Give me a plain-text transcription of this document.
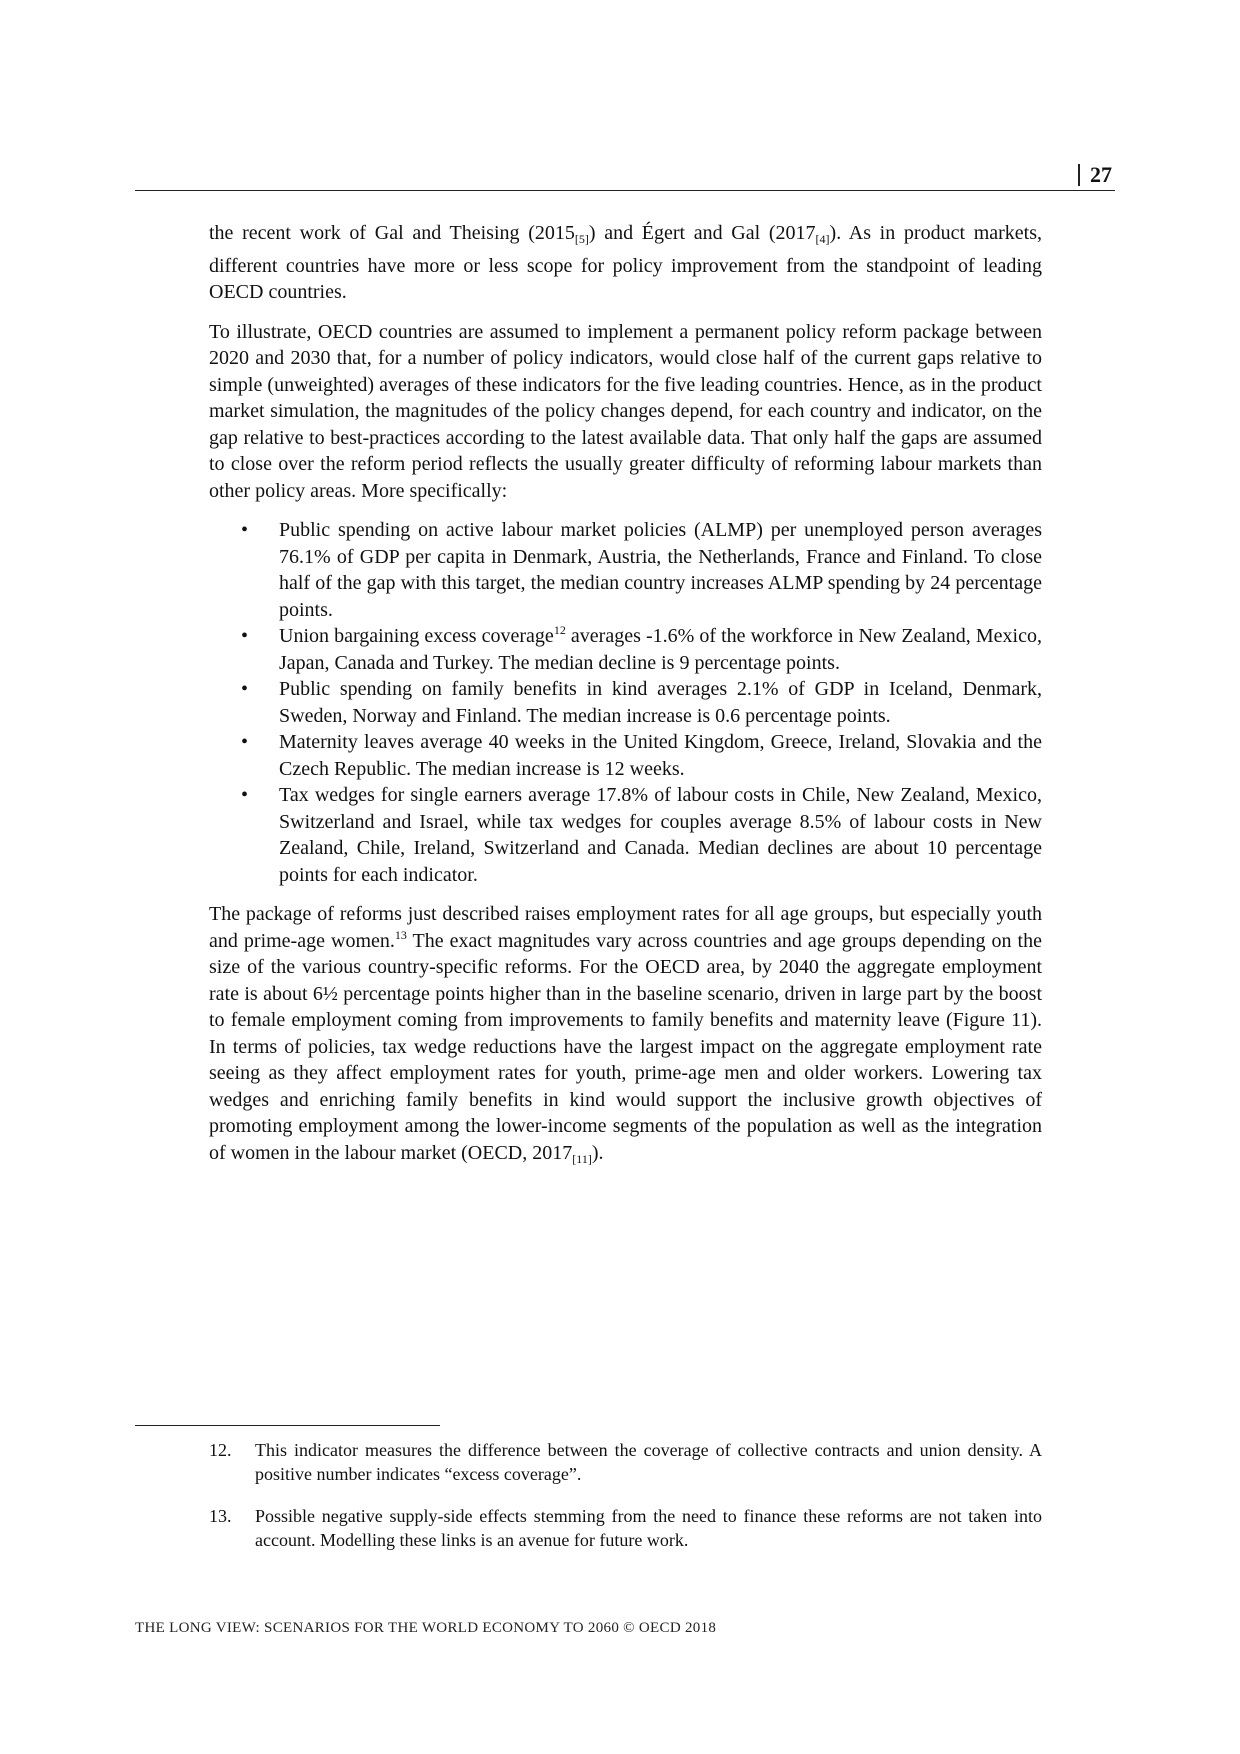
27

the recent work of Gal and Theising $(2015_{[5]})$ and Égert and Gal $(2017_{[4]})$. As in product markets, different countries have more or less scope for policy improvement from the standpoint of leading OECD countries.

To illustrate, OECD countries are assumed to implement a permanent policy reform package between 2020 and 2030 that, for a number of policy indicators, would close half of the current gaps relative to simple (unweighted) averages of these indicators for the five leading countries. Hence, as in the product market simulation, the magnitudes of the policy changes depend, for each country and indicator, on the gap relative to best-practices according to the latest available data. That only half the gaps are assumed to close over the reform period reflects the usually greater difficulty of reforming labour markets than other policy areas. More specifically:

• Public spending on active labour market policies (ALMP) per unemployed person averages 76.1% of GDP per capita in Denmark, Austria, the Netherlands, France and Finland. To close half of the gap with this target, the median country increases ALMP spending by 24 percentage points.
• Union bargaining excess coverage$^{12}$ averages -1.6% of the workforce in New Zealand, Mexico, Japan, Canada and Turkey. The median decline is 9 percentage points.
• Public spending on family benefits in kind averages 2.1% of GDP in Iceland, Denmark, Sweden, Norway and Finland. The median increase is 0.6 percentage points.
• Maternity leaves average 40 weeks in the United Kingdom, Greece, Ireland, Slovakia and the Czech Republic. The median increase is 12 weeks.
• Tax wedges for single earners average 17.8% of labour costs in Chile, New Zealand, Mexico, Switzerland and Israel, while tax wedges for couples average 8.5% of labour costs in New Zealand, Chile, Ireland, Switzerland and Canada. Median declines are about 10 percentage points for each indicator.

The package of reforms just described raises employment rates for all age groups, but especially youth and prime-age women.$^{13}$ The exact magnitudes vary across countries and age groups depending on the size of the various country-specific reforms. For the OECD area, by 2040 the aggregate employment rate is about 6½ percentage points higher than in the baseline scenario, driven in large part by the boost to female employment coming from improvements to family benefits and maternity leave (Figure 11). In terms of policies, tax wedge reductions have the largest impact on the aggregate employment rate seeing as they affect employment rates for youth, prime-age men and older workers. Lowering tax wedges and enriching family benefits in kind would support the inclusive growth objectives of promoting employment among the lower-income segments of the population as well as the integration of women in the labour market (OECD, $2017_{[11]}$).

12. This indicator measures the difference between the coverage of collective contracts and union density. A positive number indicates “excess coverage”.
13. Possible negative supply-side effects stemming from the need to finance these reforms are not taken into account. Modelling these links is an avenue for future work.
THE LONG VIEW: SCENARIOS FOR THE WORLD ECONOMY TO 2060 © OECD 2018
